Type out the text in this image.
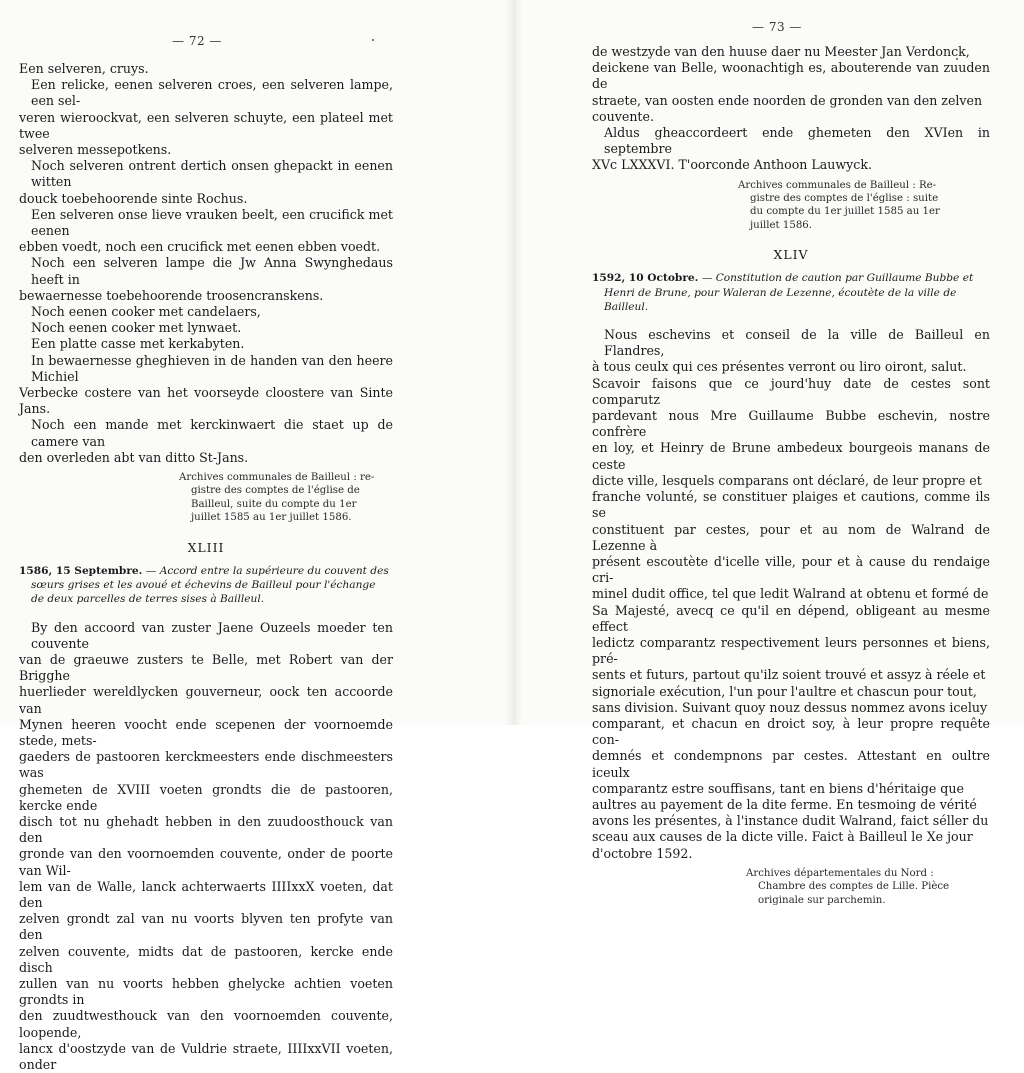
— 72 —
Een selveren, cruys.
Een relicke, eenen selveren croes, een selveren lampe, een sel-
veren wieroockvat, een selveren schuyte, een plateel met twee
selveren messepotkens.
Noch selveren ontrent dertich onsen ghepackt in eenen witten
douck toebehoorende sinte Rochus.
Een selveren onse lieve vrauken beelt, een crucifick met eenen
ebben voedt, noch een crucifick met eenen ebben voedt.
Noch een selveren lampe die Jw Anna Swynghedaus heeft in
bewaernesse toebehoorende troosencranskens.
Noch eenen cooker met candelaers,
Noch eenen cooker met lynwaet.
Een platte casse met kerkabyten.
In bewaernesse gheghieven in de handen van den heere Michiel
Verbecke costere van het voorseyde cloostere van Sinte Jans.
Noch een mande met kerckinwaert die staet up de camere van
den overleden abt van ditto St-Jans.
Archives communales de Bailleul : re-
gistre des comptes de l'église de
Bailleul, suite du compte du 1er
juillet 1585 au 1er juillet 1586.
XLIII
1586, 15 Septembre. — Accord entre la supérieure du couvent des
sœurs grises et les avoué et échevins de Bailleul pour l'échange
de deux parcelles de terres sises à Bailleul.
By den accoord van zuster Jaene Ouzeels moeder ten couvente
van de graeuwe zusters te Belle, met Robert van der Brigghe
huerlieder wereldlycken gouverneur, oock ten accoorde van
Mynen heeren voocht ende scepenen der voornoemde stede, mets-
gaeders de pastooren kerckmeesters ende dischmeesters was
ghemeten de XVIII voeten grondts die de pastooren, kercke ende
disch tot nu ghehadt hebben in den zuudoosthouck van den
gronde van den voornoemden couvente, onder de poorte van Wil-
lem van de Walle, lanck achterwaerts IIIIxxX voeten, dat den
zelven grondt zal van nu voorts blyven ten profyte van den
zelven couvente, midts dat de pastooren, kercke ende disch
zullen van nu voorts hebben ghelycke achtien voeten grondts in
den zuudtwesthouck van den voornoemden couvente, loopende,
lancx d'oostzyde van de Vuldrie straete, IIIIxxVII voeten, onder
— 73 —
de westzyde van den huuse daer nu Meester Jan Verdonck,
deickene van Belle, woonachtigh es, abouterende van zuuden de
straete, van oosten ende noorden de gronden van den zelven
couvente.
Aldus gheaccordeert ende ghemeten den XVIen in septembre
XVc LXXXVI. T'oorconde Anthoon Lauwyck.
Archives communales de Bailleul : Re-
gistre des comptes de l'église : suite
du compte du 1er juillet 1585 au 1er
juillet 1586.
XLIV
1592, 10 Octobre. — Constitution de caution par Guillaume Bubbe et
Henri de Brune, pour Waleran de Lezenne, écoutète de la ville de
Bailleul.
Nous eschevins et conseil de la ville de Bailleul en Flandres,
à tous ceulx qui ces présentes verront ou liro oiront, salut.
Scavoir faisons que ce jourd'huy date de cestes sont comparutz
pardevant nous Mre Guillaume Bubbe eschevin, nostre confrère
en loy, et Heinry de Brune ambedeux bourgeois manans de ceste
dicte ville, lesquels comparans ont déclaré, de leur propre et
franche volunté, se constituer plaiges et cautions, comme ils se
constituent par cestes, pour et au nom de Walrand de Lezenne à
présent escoutète d'icelle ville, pour et à cause du rendaige cri-
minel dudit office, tel que ledit Walrand at obtenu et formé de
Sa Majesté, avecq ce qu'il en dépend, obligeant au mesme effect
ledictz comparantz respectivement leurs personnes et biens, pré-
sents et futurs, partout qu'ilz soient trouvé et assyz à réele et
signoriale exécution, l'un pour l'aultre et chascun pour tout,
sans division. Suivant quoy nouz dessus nommez avons iceluy
comparant, et chacun en droict soy, à leur propre requête con-
demnés et condempnons par cestes. Attestant en oultre iceulx
comparantz estre souffisans, tant en biens d'héritaige que
aultres au payement de la dite ferme. En tesmoing de vérité
avons les présentes, à l'instance dudit Walrand, faict séller du
sceau aux causes de la dicte ville. Faict à Bailleul le Xe jour
d'octobre 1592.
Archives départementales du Nord :
Chambre des comptes de Lille. Pièce
originale sur parchemin.
